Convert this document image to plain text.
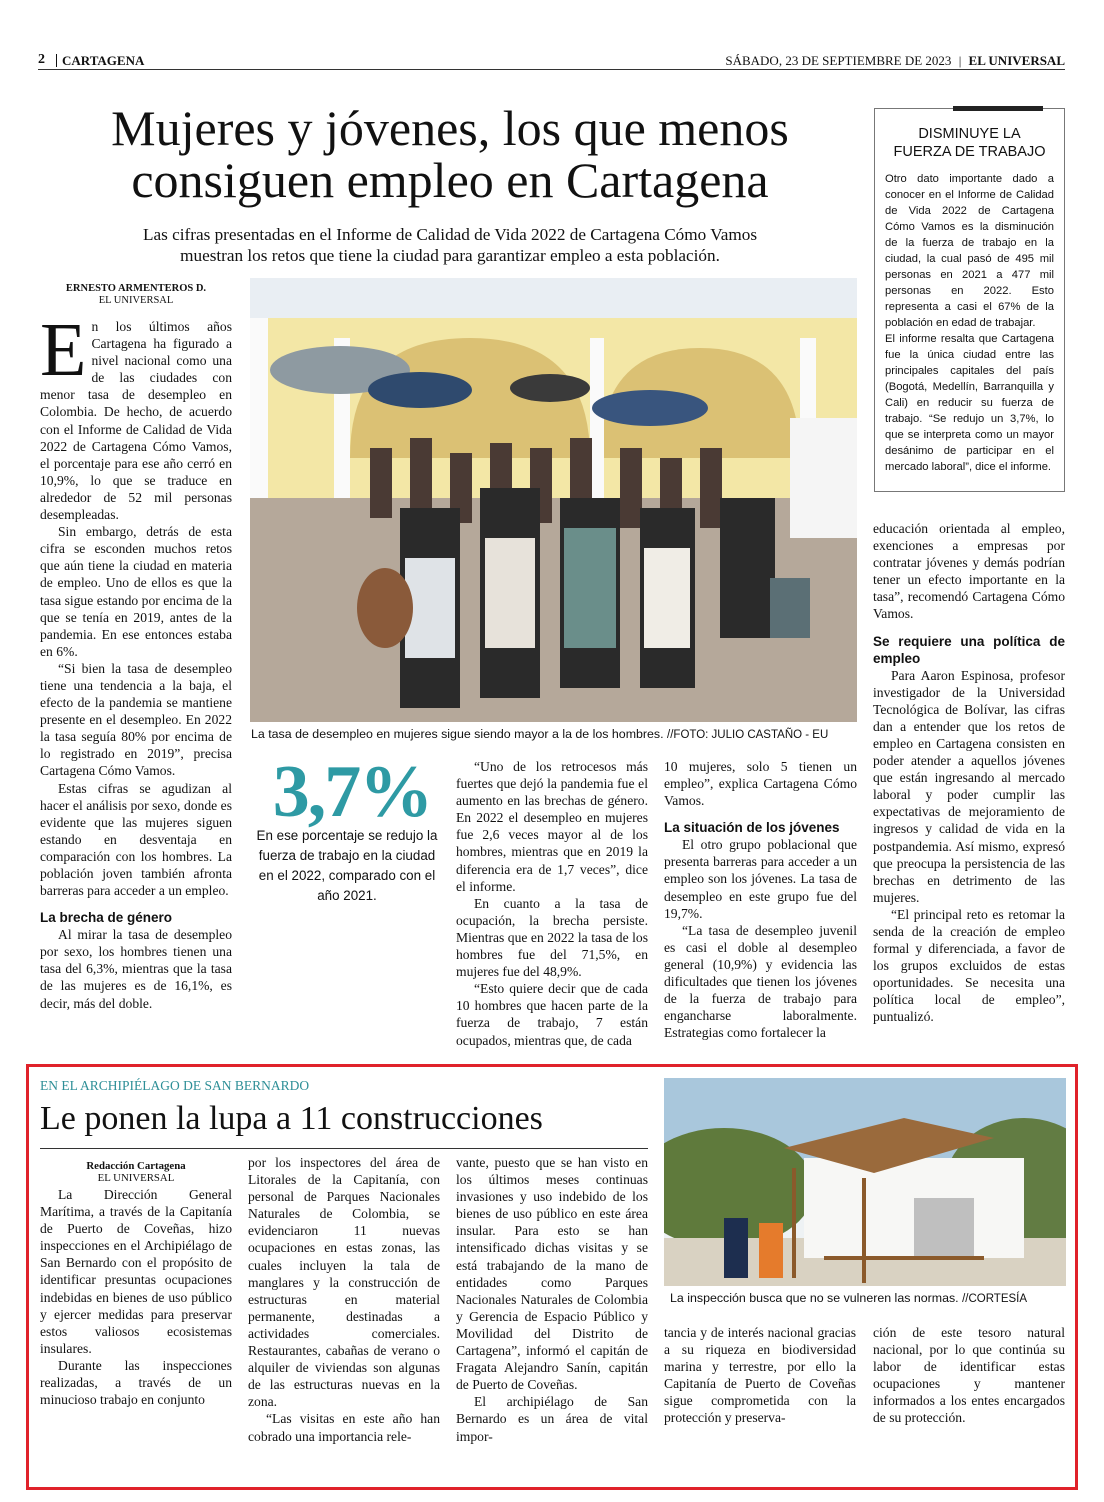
2 CARTAGENA	SÁBADO, 23 DE SEPTIEMBRE DE 2023 | EL UNIVERSAL
Mujeres y jóvenes, los que menos
consiguen empleo en Cartagena
Las cifras presentadas en el Informe de Calidad de Vida 2022 de Cartagena Cómo Vamos
muestran los retos que tiene la ciudad para garantizar empleo a esta población.
DISMINUYE LA
FUERZA DE TRABAJO

Otro dato importante dado a conocer en el Informe de Calidad de Vida 2022 de Cartagena Cómo Vamos es la disminución de la fuerza de trabajo en la ciudad, la cual pasó de 495 mil personas en 2021 a 477 mil personas en 2022. Esto representa a casi el 67% de la población en edad de trabajar.

El informe resalta que Cartagena fue la única ciudad entre las principales capitales del país (Bogotá, Medellín, Barranquilla y Cali) en reducir su fuerza de trabajo. “Se redujo un 3,7%, lo que se interpreta como un mayor desánimo de participar en el mercado laboral”, dice el informe.

ERNESTO ARMENTEROS D.
EL UNIVERSAL
E n los últimos años Cartagena ha figurado a nivel nacional como una de las ciudades con menor tasa de desempleo en Colombia. De hecho, de acuerdo con el Informe de Calidad de Vida 2022 de Cartagena Cómo Vamos, el porcentaje para ese año cerró en 10,9%, lo que se traduce en alrededor de 52 mil personas desempleadas.

Sin embargo, detrás de esta cifra se esconden muchos retos que aún tiene la ciudad en materia de empleo. Uno de ellos es que la tasa sigue estando por encima de la que se tenía en 2019, antes de la pandemia. En ese entonces estaba en 6%.

“Si bien la tasa de desempleo tiene una tendencia a la baja, el efecto de la pandemia se mantiene presente en el desempleo. En 2022 la tasa seguía 80% por encima de lo registrado en 2019”, precisa Cartagena Cómo Vamos.

Estas cifras se agudizan al hacer el análisis por sexo, donde es evidente que las mujeres siguen estando en desventaja en comparación con los hombres. La población joven también afronta barreras para acceder a un empleo.

La brecha de género

Al mirar la tasa de desempleo por sexo, los hombres tienen una tasa del 6,3%, mientras que la tasa de las mujeres es de 16,1%, es decir, más del doble.

La tasa de desempleo en mujeres sigue siendo mayor a la de los hombres. //FOTO: JULIO CASTAÑO - EU
3,7%
En ese porcentaje se redujo la fuerza de trabajo en la ciudad en el 2022, comparado con el año 2021.

“Uno de los retrocesos más fuertes que dejó la pandemia fue el aumento en las brechas de género. En 2022 el desempleo en mujeres fue 2,6 veces mayor al de los hombres, mientras que en 2019 la diferencia era de 1,7 veces”, dice el informe.

En cuanto a la tasa de ocupación, la brecha persiste. Mientras que en 2022 la tasa de los hombres fue del 71,5%, en mujeres fue del 48,9%.

“Esto quiere decir que de cada 10 hombres que hacen parte de la fuerza de trabajo, 7 están ocupados, mientras que, de cada

10 mujeres, solo 5 tienen un empleo”, explica Cartagena Cómo Vamos.

La situación de los jóvenes

El otro grupo poblacional que presenta barreras para acceder a un empleo son los jóvenes. La tasa de desempleo en este grupo fue del 19,7%.

“La tasa de desempleo juvenil es casi el doble al desempleo general (10,9%) y evidencia las dificultades que tienen los jóvenes de la fuerza de trabajo para engancharse laboralmente. Estrategias como fortalecer la

educación orientada al empleo, exenciones a empresas por contratar jóvenes y demás podrían tener un efecto importante en la tasa”, recomendó Cartagena Cómo Vamos.

Se requiere una política de empleo

Para Aaron Espinosa, profesor investigador de la Universidad Tecnológica de Bolívar, las cifras dan a entender que los retos de empleo en Cartagena consisten en poder atender a aquellos jóvenes que están ingresando al mercado laboral y poder cumplir las expectativas de mejoramiento de ingresos y calidad de vida en la postpandemia. Así mismo, expresó que preocupa la persistencia de las brechas en detrimento de las mujeres.

“El principal reto es retomar la senda de la creación de empleo formal y diferenciada, a favor de los grupos excluidos de estas oportunidades. Se necesita una política local de empleo”, puntualizó.

EN EL ARCHIPIÉLAGO DE SAN BERNARDO
Le ponen la lupa a 11 construcciones
Redacción Cartagena
EL UNIVERSAL

La Dirección General Marítima, a través de la Capitanía de Puerto de Coveñas, hizo inspecciones en el Archipiélago de San Bernardo con el propósito de identificar presuntas ocupaciones indebidas en bienes de uso público y ejercer medidas para preservar estos valiosos ecosistemas insulares.

Durante las inspecciones realizadas, a través de un minucioso trabajo en conjunto

por los inspectores del área de Litorales de la Capitanía, con personal de Parques Nacionales Naturales de Colombia, se evidenciaron 11 nuevas ocupaciones en estas zonas, las cuales incluyen la tala de manglares y la construcción de estructuras en material permanente, destinadas a actividades comerciales. Restaurantes, cabañas de verano o alquiler de viviendas son algunas de las estructuras nuevas en la zona.

“Las visitas en este año han cobrado una importancia rele-

vante, puesto que se han visto en los últimos meses continuas invasiones y uso indebido de los bienes de uso público en este área insular. Para esto se han intensificado dichas visitas y se está trabajando de la mano de entidades como Parques Nacionales Naturales de Colombia y Gerencia de Espacio Público y Movilidad del Distrito de Cartagena”, informó el capitán de Fragata Alejandro Sanín, capitán de Puerto de Coveñas.

El archipiélago de San Bernardo es un área de vital impor-

La inspección busca que no se vulneren las normas. //CORTESÍA

tancia y de interés nacional gracias a su riqueza en biodiversidad marina y terrestre, por ello la Capitanía de Puerto de Coveñas sigue comprometida con la protección y preserva-

ción de este tesoro natural nacional, por lo que continúa su labor de identificar estas ocupaciones y mantener informados a los entes encargados de su protección.
